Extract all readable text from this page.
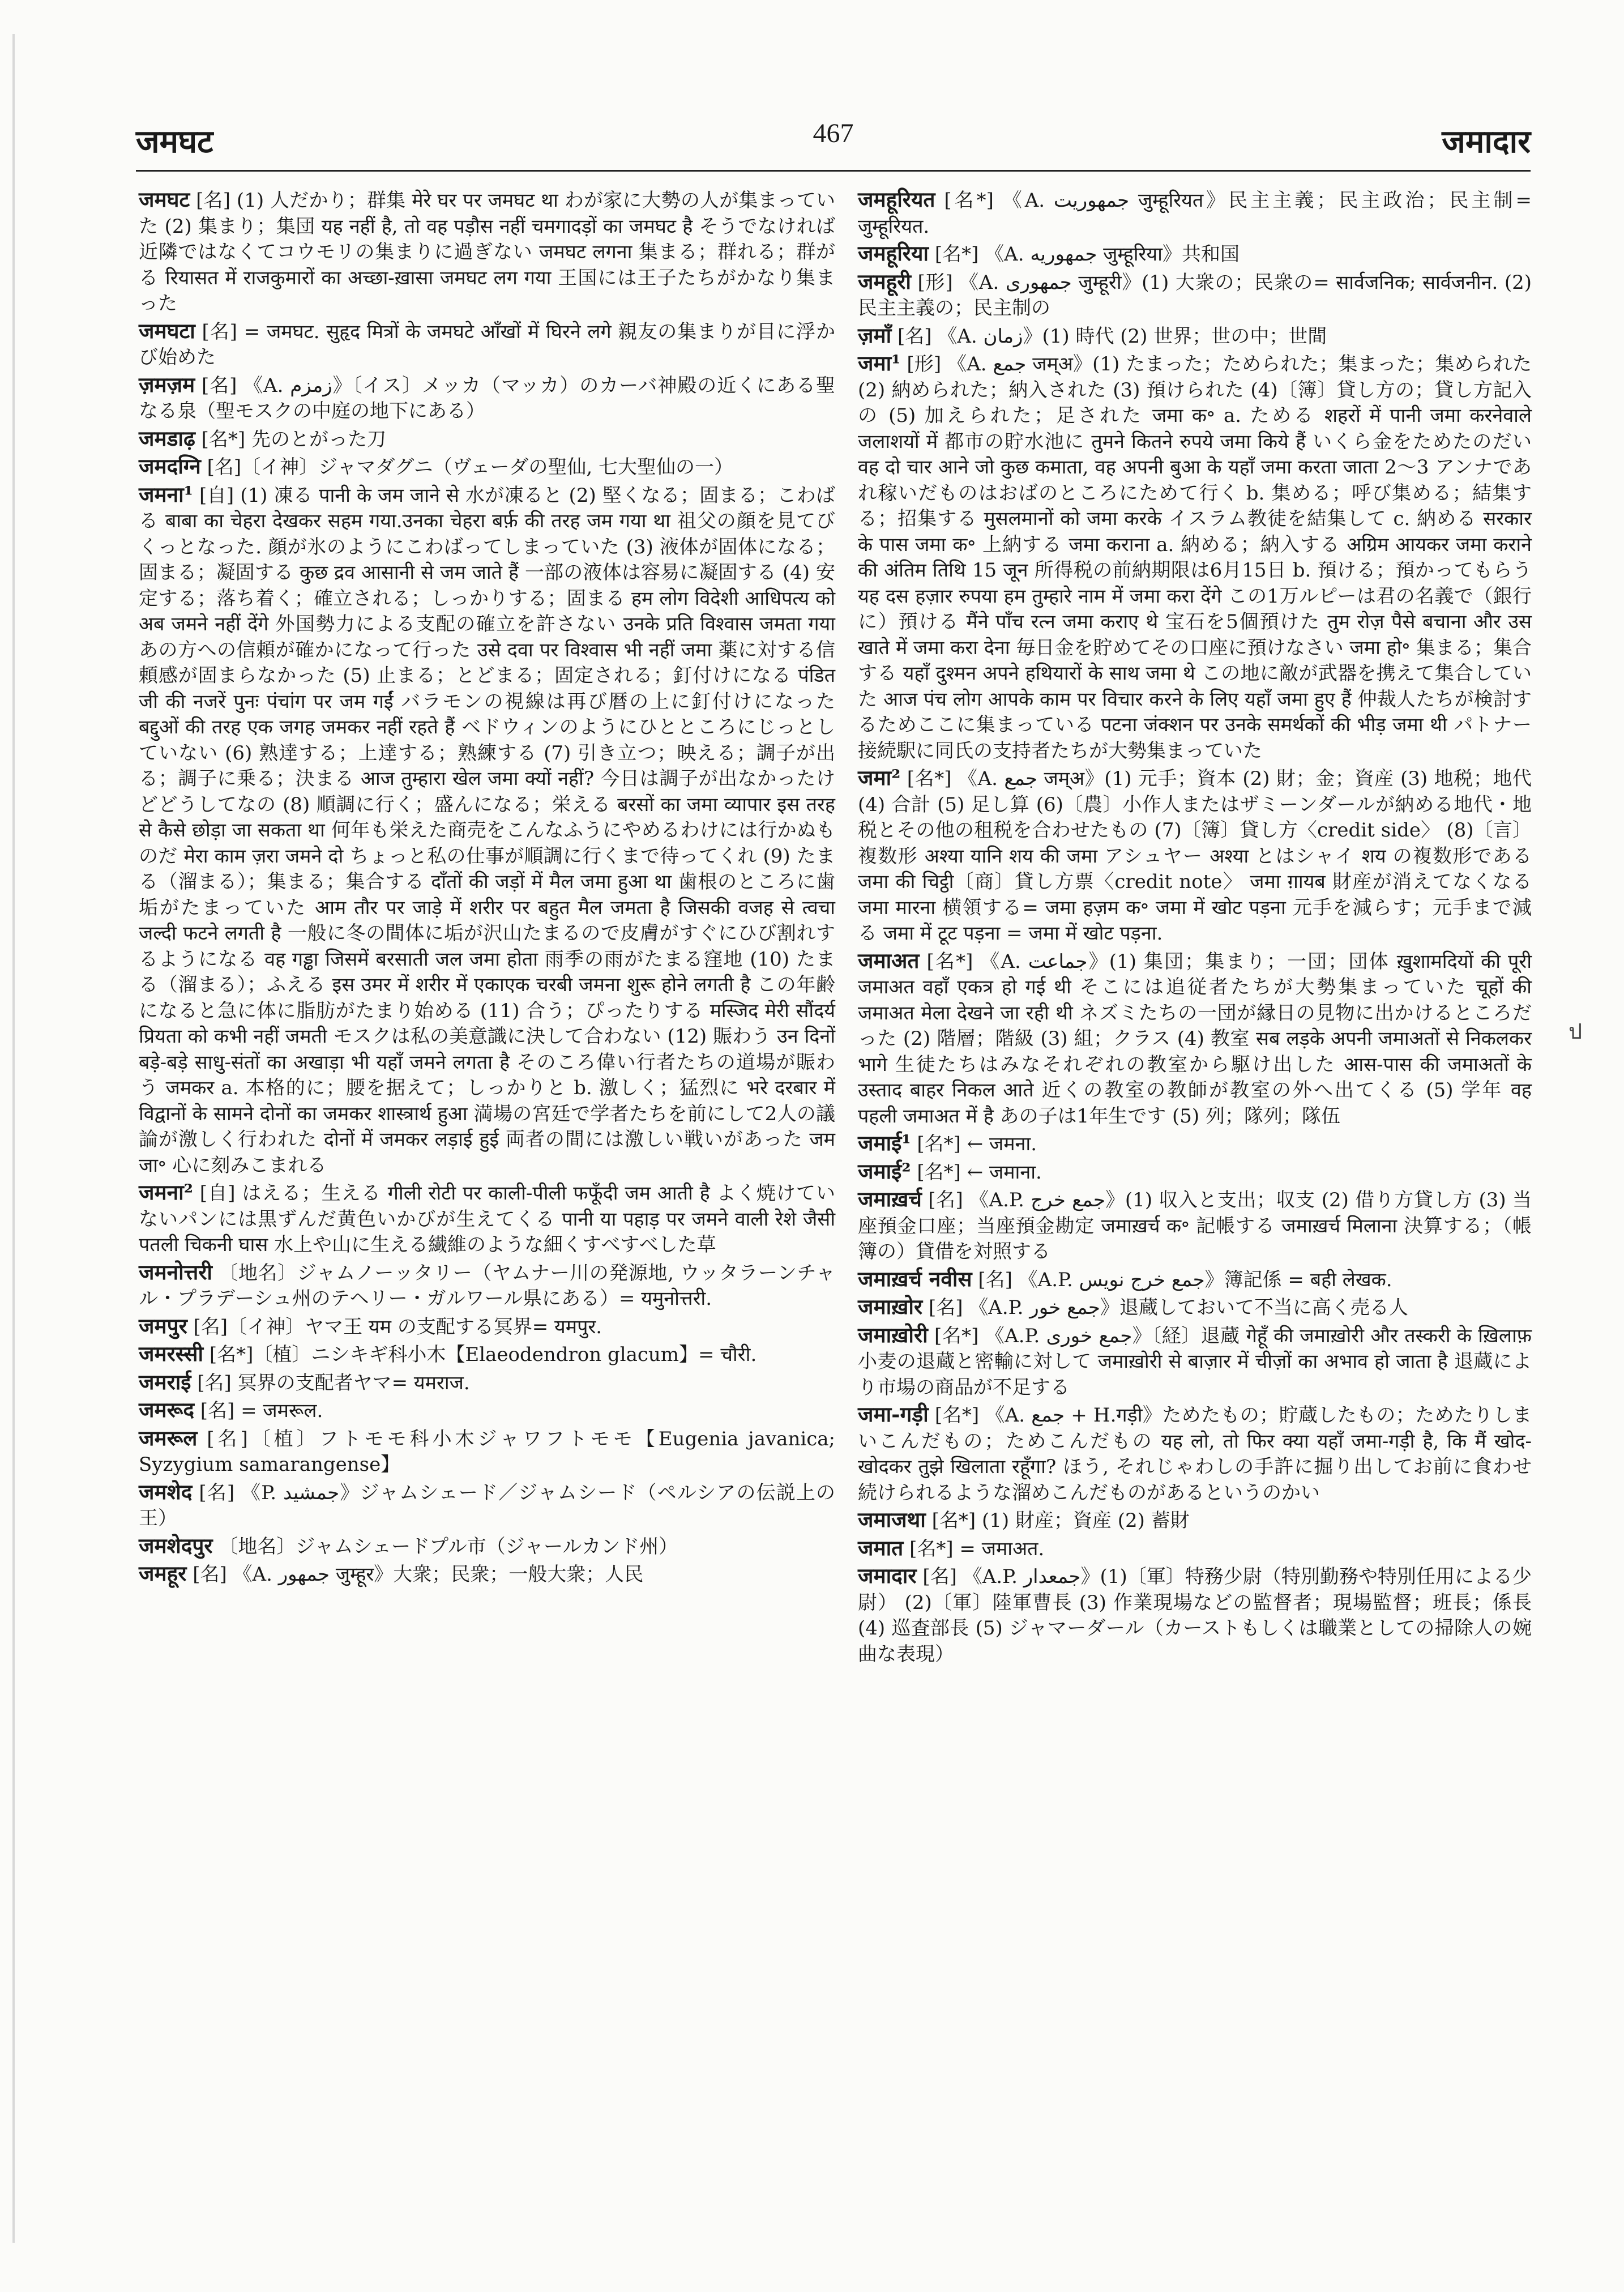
जमघट	467	जमादार

जमघट [名] (1) 人だかり；群集 मेरे घर पर जमघट था わが家に大勢の人が集まっていた (2) 集まり；集団 यह नहीं है, तो वह पड़ौस नहीं चमगादड़ों का जमघट है そうでなければ近隣ではなくてコウモリの集まりに過ぎない जमघट लगना 集まる；群れる；群がる रियासत में राजकुमारों का अच्छा-ख़ासा जमघट लग गया 王国には王子たちがかなり集まった

जमघटा [名] = जमघट. सुहृद मित्रों के जमघटे आँखों में घिरने लगे 親友の集まりが目に浮かび始めた

ज़मज़म [名] 《A. زمزم》〔イス〕メッカ（マッカ）のカーバ神殿の近くにある聖なる泉（聖モスクの中庭の地下にある）

जमडाढ़ [名*] 先のとがった刀

जमदग्नि [名]〔イ神〕ジャマダグニ（ヴェーダの聖仙, 七大聖仙の一）

जमना¹ [自] (1) 凍る पानी के जम जाने से 水が凍ると (2) 堅くなる；固まる；こわばる बाबा का चेहरा देखकर सहम गया.उनका चेहरा बर्फ़ की तरह जम गया था 祖父の顔を見てびくっとなった. 顔が氷のようにこわばってしまっていた (3) 液体が固体になる；固まる；凝固する कुछ द्रव आसानी से जम जाते हैं 一部の液体は容易に凝固する (4) 安定する；落ち着く；確立される；しっかりする；固まる हम लोग विदेशी आधिपत्य को अब जमने नहीं देंगे 外国勢力による支配の確立を許さない उनके प्रति विश्वास जमता गया あの方への信頼が確かになって行った उसे दवा पर विश्वास भी नहीं जमा 薬に対する信頼感が固まらなかった (5) 止まる；とどまる；固定される；釘付けになる पंडित जी की नजरें पुनः पंचांग पर जम गईं バラモンの視線は再び暦の上に釘付けになった बद्दुओं की तरह एक जगह जमकर नहीं रहते हैं ベドウィンのようにひとところにじっとしていない (6) 熟達する；上達する；熟練する (7) 引き立つ；映える；調子が出る；調子に乗る；決まる आज तुम्हारा खेल जमा क्यों नहीं? 今日は調子が出なかったけどどうしてなの (8) 順調に行く；盛んになる；栄える बरसों का जमा व्यापार इस तरह से कैसे छोड़ा जा सकता था 何年も栄えた商売をこんなふうにやめるわけには行かぬものだ मेरा काम ज़रा जमने दो ちょっと私の仕事が順調に行くまで待ってくれ (9) たまる（溜まる）；集まる；集合する दाँतों की जड़ों में मैल जमा हुआ था 歯根のところに歯垢がたまっていた आम तौर पर जाड़े में शरीर पर बहुत मैल जमता है जिसकी वजह से त्वचा जल्दी फटने लगती है 一般に冬の間体に垢が沢山たまるので皮膚がすぐにひび割れするようになる वह गड्ढा जिसमें बरसाती जल जमा होता 雨季の雨がたまる窪地 (10) たまる（溜まる）；ふえる इस उमर में शरीर में एकाएक चरबी जमना शुरू होने लगती है この年齢になると急に体に脂肪がたまり始める (11) 合う；ぴったりする मस्जिद मेरी सौंदर्य प्रियता को कभी नहीं जमती モスクは私の美意識に決して合わない (12) 賑わう उन दिनों बड़े-बड़े साधु-संतों का अखाड़ा भी यहाँ जमने लगता है そのころ偉い行者たちの道場が賑わう जमकर a. 本格的に；腰を据えて；しっかりと b. 激しく；猛烈に भरे दरबार में विद्वानों के सामने दोनों का जमकर शास्त्रार्थ हुआ 満場の宮廷で学者たちを前にして2人の議論が激しく行われた दोनों में जमकर लड़ाई हुई 両者の間には激しい戦いがあった जम जा॰ 心に刻みこまれる

जमना² [自] はえる；生える गीली रोटी पर काली-पीली फफूँदी जम आती है よく焼けていないパンには黒ずんだ黄色いかびが生えてくる पानी या पहाड़ पर जमने वाली रेशे जैसी पतली चिकनी घास 水上や山に生える繊維のような細くすべすべした草

जमनोत्तरी 〔地名〕ジャムノーッタリー（ヤムナー川の発源地, ウッタラーンチャル・プラデーシュ州のテヘリー・ガルワール県にある）= यमुनोत्तरी.

जमपुर [名]〔イ神〕ヤマ王 यम の支配する冥界= यमपुर.

जमरस्सी [名*]〔植〕ニシキギ科小木【Elaeodendron glacum】= चौरी.

जमराई [名] 冥界の支配者ヤマ= यमराज.

जमरूद [名] = जमरूल.

जमरूल [名]〔植〕フトモモ科小木ジャワフトモモ【Eugenia javanica; Syzygium samarangense】

जमशेद [名] 《P. جمشید》ジャムシェード／ジャムシード（ペルシアの伝説上の王）

जमशेदपुर 〔地名〕ジャムシェードプル市（ジャールカンド州）

जमहूर [名] 《A. جمهور जुम्हूर》大衆；民衆；一般大衆；人民

जमहूरियत [名*] 《A. جمهوريت जुम्हूरियत》民主主義；民主政治；民主制= जुम्हूरियत.

जमहूरिया [名*] 《A. جمهوريه जुम्हूरिया》共和国

जमहूरी [形] 《A. جمهوری जुम्हूरी》(1) 大衆の；民衆の= सार्वजनिक; सार्वजनीन. (2) 民主主義の；民主制の

ज़माँ [名] 《A. زمان》(1) 時代 (2) 世界；世の中；世間

जमा¹ [形] 《A. جمع जम्अ》(1) たまった；ためられた；集まった；集められた (2) 納められた；納入された (3) 預けられた (4)〔簿〕貸し方の；貸し方記入の (5) 加えられた；足された जमा क॰ a. ためる शहरों में पानी जमा करनेवाले जलाशयों में 都市の貯水池に तुमने कितने रुपये जमा किये हैं いくら金をためたのだい वह दो चार आने जो कुछ कमाता, वह अपनी बुआ के यहाँ जमा करता जाता 2〜3 アンナであれ稼いだものはおばのところにためて行く b. 集める；呼び集める；結集する；招集する मुसलमानों को जमा करके イスラム教徒を結集して c. 納める सरकार के पास जमा क॰ 上納する जमा कराना a. 納める；納入する अग्रिम आयकर जमा कराने की अंतिम तिथि 15 जून 所得税の前納期限は6月15日 b. 預ける；預かってもらう यह दस हज़ार रुपया हम तुम्हारे नाम में जमा करा देंगे この1万ルピーは君の名義で（銀行に）預ける मैंने पाँच रत्न जमा कराए थे 宝石を5個預けた तुम रोज़ पैसे बचाना और उस खाते में जमा करा देना 毎日金を貯めてその口座に預けなさい जमा हो॰ 集まる；集合する यहाँ दुश्मन अपने हथियारों के साथ जमा थे この地に敵が武器を携えて集合していた आज पंच लोग आपके काम पर विचार करने के लिए यहाँ जमा हुए हैं 仲裁人たちが検討するためここに集まっている पटना जंक्शन पर उनके समर्थकों की भीड़ जमा थी パトナー接続駅に同氏の支持者たちが大勢集まっていた

जमा² [名*] 《A. جمع जम्अ》(1) 元手；資本 (2) 財；金；資産 (3) 地税；地代 (4) 合計 (5) 足し算 (6)〔農〕小作人またはザミーンダールが納める地代・地税とその他の租税を合わせたもの (7)〔簿〕貸し方〈credit side〉 (8)〔言〕複数形 अश्या यानि शय की जमा アシュヤー अश्या とはシャイ शय の複数形である जमा की चिट्ठी〔商〕貸し方票〈credit note〉 जमा ग़ायब 財産が消えてなくなる जमा मारना 横領する= जमा हज़म क॰ जमा में खोट पड़ना 元手を減らす；元手まで減る जमा में टूट पड़ना = जमा में खोट पड़ना.

जमाअत [名*] 《A. جماعت》(1) 集団；集まり；一団；団体 ख़ुशामदियों की पूरी जमाअत वहाँ एकत्र हो गई थी そこには追従者たちが大勢集まっていた चूहों की जमाअत मेला देखने जा रही थी ネズミたちの一団が縁日の見物に出かけるところだった (2) 階層；階級 (3) 組；クラス (4) 教室 सब लड़के अपनी जमाअतों से निकलकर भागे 生徒たちはみなそれぞれの教室から駆け出した आस-पास की जमाअतों के उस्ताद बाहर निकल आते 近くの教室の教師が教室の外へ出てくる (5) 学年 वह पहली जमाअत में है あの子は1年生です (5) 列；隊列；隊伍

जमाई¹ [名*] ← जमना.

जमाई² [名*] ← जमाना.

जमाख़र्च [名] 《A.P. جمع خرج》(1) 収入と支出；収支 (2) 借り方貸し方 (3) 当座預金口座；当座預金勘定 जमाख़र्च क॰ 記帳する जमाख़र्च मिलाना 決算する；（帳簿の）貸借を対照する

जमाख़र्च नवीस [名] 《A.P. جمع خرج نویس》簿記係 = बही लेखक.

जमाख़ोर [名] 《A.P. جمع خور》退蔵しておいて不当に高く売る人

जमाख़ोरी [名*] 《A.P. جمع خوری》〔経〕退蔵 गेहूँ की जमाख़ोरी और तस्करी के ख़िलाफ़ 小麦の退蔵と密輸に対して जमाख़ोरी से बाज़ार में चीज़ों का अभाव हो जाता है 退蔵により市場の商品が不足する

जमा-गड़ी [名*] 《A. جمع + H.गड़ी》ためたもの；貯蔵したもの；ためたりしまいこんだもの；ためこんだもの यह लो, तो फिर क्या यहाँ जमा-गड़ी है, कि मैं खोद-खोदकर तुझे खिलाता रहूँगा? ほう, それじゃわしの手許に掘り出してお前に食わせ続けられるような溜めこんだものがあるというのかい

जमाजथा [名*] (1) 財産；資産 (2) 蓄財

जमात [名*] = जमाअत.

जमादार [名] 《A.P. جمعدار》(1)〔軍〕特務少尉（特別勤務や特別任用による少尉） (2)〔軍〕陸軍曹長 (3) 作業現場などの監督者；現場監督；班長；係長 (4) 巡査部長 (5) ジャマーダール（カーストもしくは職業としての掃除人の婉曲な表現）

ป
